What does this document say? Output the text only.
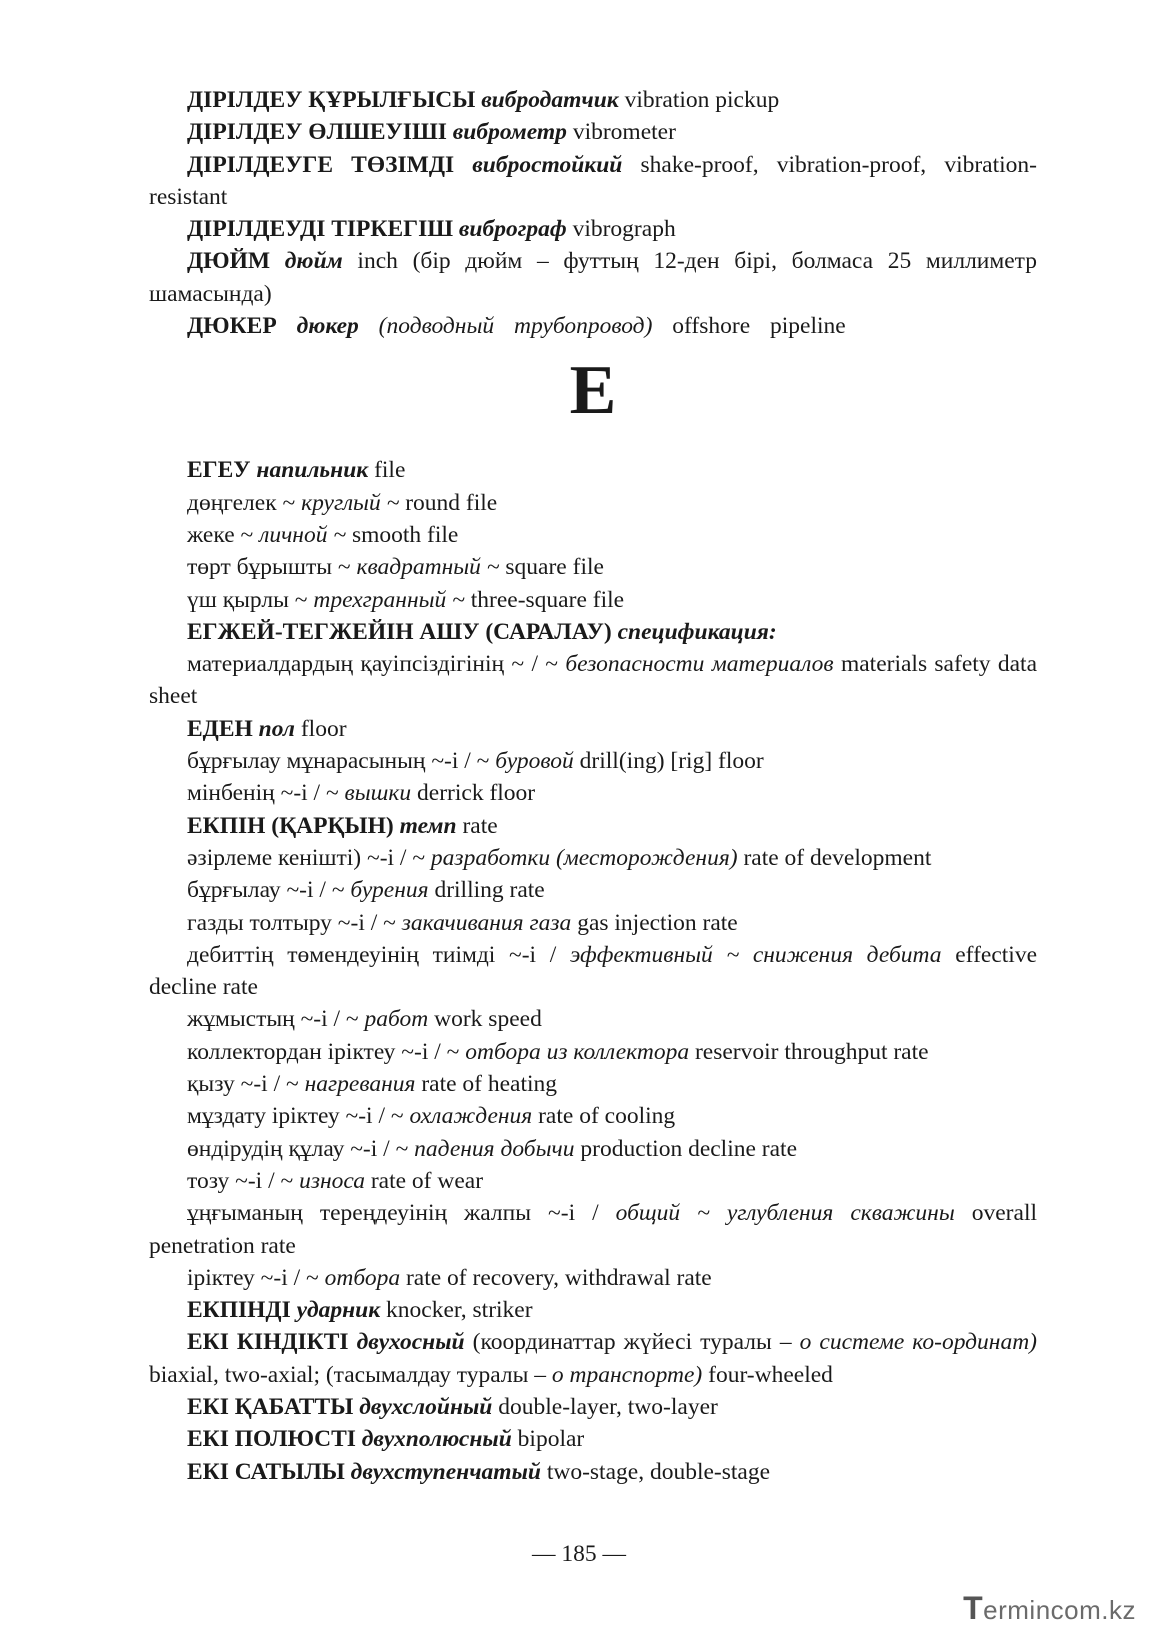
ДІРІЛДЕУ ҚҰРЫЛҒЫСЫ вибродатчик vibration pickup

ДІРІЛДЕУ ӨЛШЕУІШІ виброметр vibrometer

ДІРІЛДЕУГЕ ТӨЗІМДІ вибростойкий shake-proof, vibration-proof, vibration-resistant

ДІРІЛДЕУДІ ТІРКЕГІШ виброграф vibrograph

ДЮЙМ дюйм inch (бір дюйм – футтың 12-ден бірі, болмаса 25 миллиметр шамасында)

ДЮКЕР дюкер (подводный трубопровод) offshore pipeline

Е

ЕГЕУ напильник file

дөңгелек ~ круглый ~ round file

жеке ~ личной ~ smooth file

төрт бұрышты ~ квадратный ~ square file

үш қырлы ~ трехгранный ~ three-square file

ЕГЖЕЙ-ТЕГЖЕЙІН АШУ (САРАЛАУ) спецификация:

материалдардың қауіпсіздігінің ~ / ~ безопасности материалов materials safety data sheet

ЕДЕН пол floor

бұрғылау мұнарасының ~-і / ~ буровой drill(ing) [rig] floor

мінбенің ~-і / ~ вышки derrick floor

ЕКПІН (ҚАРҚЫН) темп rate

әзірлеме кеніштi) ~-і / ~ разработки (месторождения) rate of development

бұрғылау ~-і / ~ бурения drilling rate

газды толтыру ~-і / ~ закачивания газа gas injection rate

дебиттің төмендеуінің тиімді ~-і / эффективный ~ снижения дебита effective decline rate

жұмыстың ~-і / ~ работ work speed

коллектордан іріктеу ~-і / ~ отбора из коллектора reservoir throughput rate

қызу ~-і / ~ нагревания rate of heating

мұздату іріктеу ~-і / ~ охлаждения rate of cooling

өндірудің құлау ~-і / ~ падения добычи production decline rate

тозу ~-і / ~ износа rate of wear

ұңғыманың тереңдеуінің жалпы ~-і / общий ~ углубления скважины overall penetration rate

іріктеу ~-і / ~ отбора rate of recovery, withdrawal rate

ЕКПІНДІ ударник knocker, striker

ЕКІ КІНДІКТІ двухосный (координаттар жүйесі туралы – о системе ко-ординат) biaxial, two-axial; (тасымалдау туралы – о транспорте) four-wheeled

ЕКІ ҚАБАТТЫ двухслойный double-layer, two-layer

ЕКІ ПОЛЮСТІ двухполюсный bipolar

ЕКІ САТЫЛЫ двухступенчатый two-stage, double-stage

— 185 —
Termincom.kz
